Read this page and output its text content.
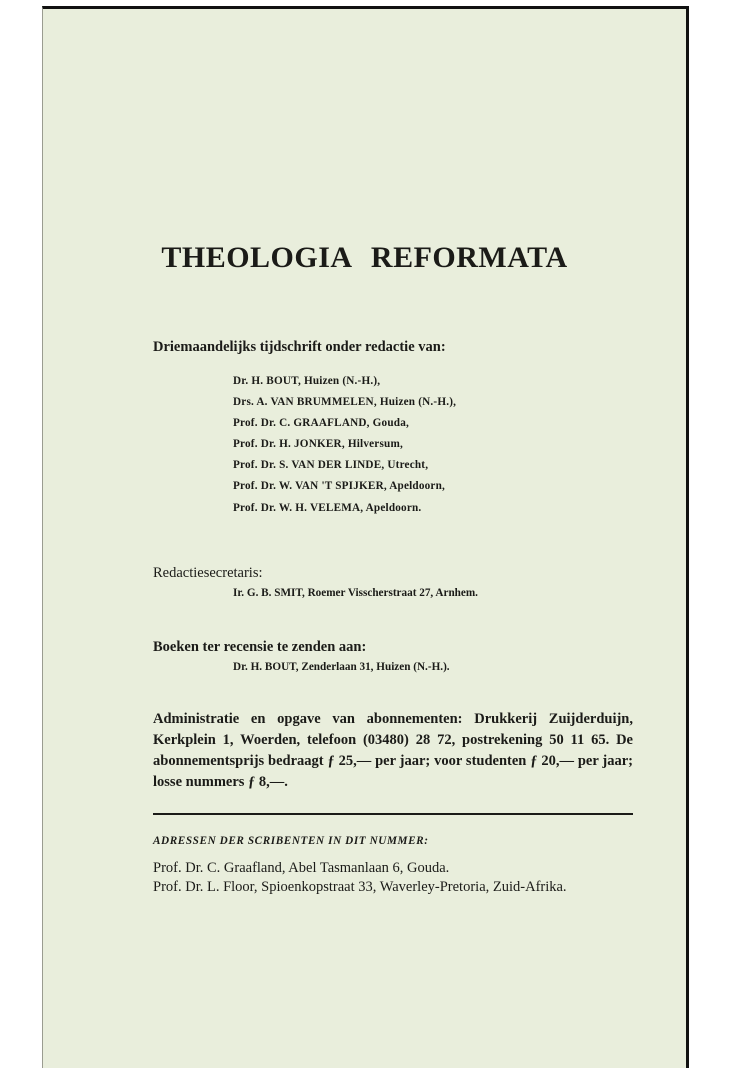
THEOLOGIA REFORMATA
Driemaandelijks tijdschrift onder redactie van:
Dr. H. BOUT, Huizen (N.-H.),
Drs. A. VAN BRUMMELEN, Huizen (N.-H.),
Prof. Dr. C. GRAAFLAND, Gouda,
Prof. Dr. H. JONKER, Hilversum,
Prof. Dr. S. VAN DER LINDE, Utrecht,
Prof. Dr. W. VAN 'T SPIJKER, Apeldoorn,
Prof. Dr. W. H. VELEMA, Apeldoorn.
Redactiesecretaris:
Ir. G. B. SMIT, Roemer Visscherstraat 27, Arnhem.
Boeken ter recensie te zenden aan:
Dr. H. BOUT, Zenderlaan 31, Huizen (N.-H.).

Administratie en opgave van abonnementen: Drukkerij Zuijderduijn, Kerkplein 1, Woerden, telefoon (03480) 28 72, postrekening 50 11 65. De abonnementsprijs bedraagt ƒ 25,— per jaar; voor studenten ƒ 20,— per jaar; losse nummers ƒ 8,—.

ADRESSEN DER SCRIBENTEN IN DIT NUMMER:
Prof. Dr. C. Graafland, Abel Tasmanlaan 6, Gouda.
Prof. Dr. L. Floor, Spioenkopstraat 33, Waverley-Pretoria, Zuid-Afrika.
